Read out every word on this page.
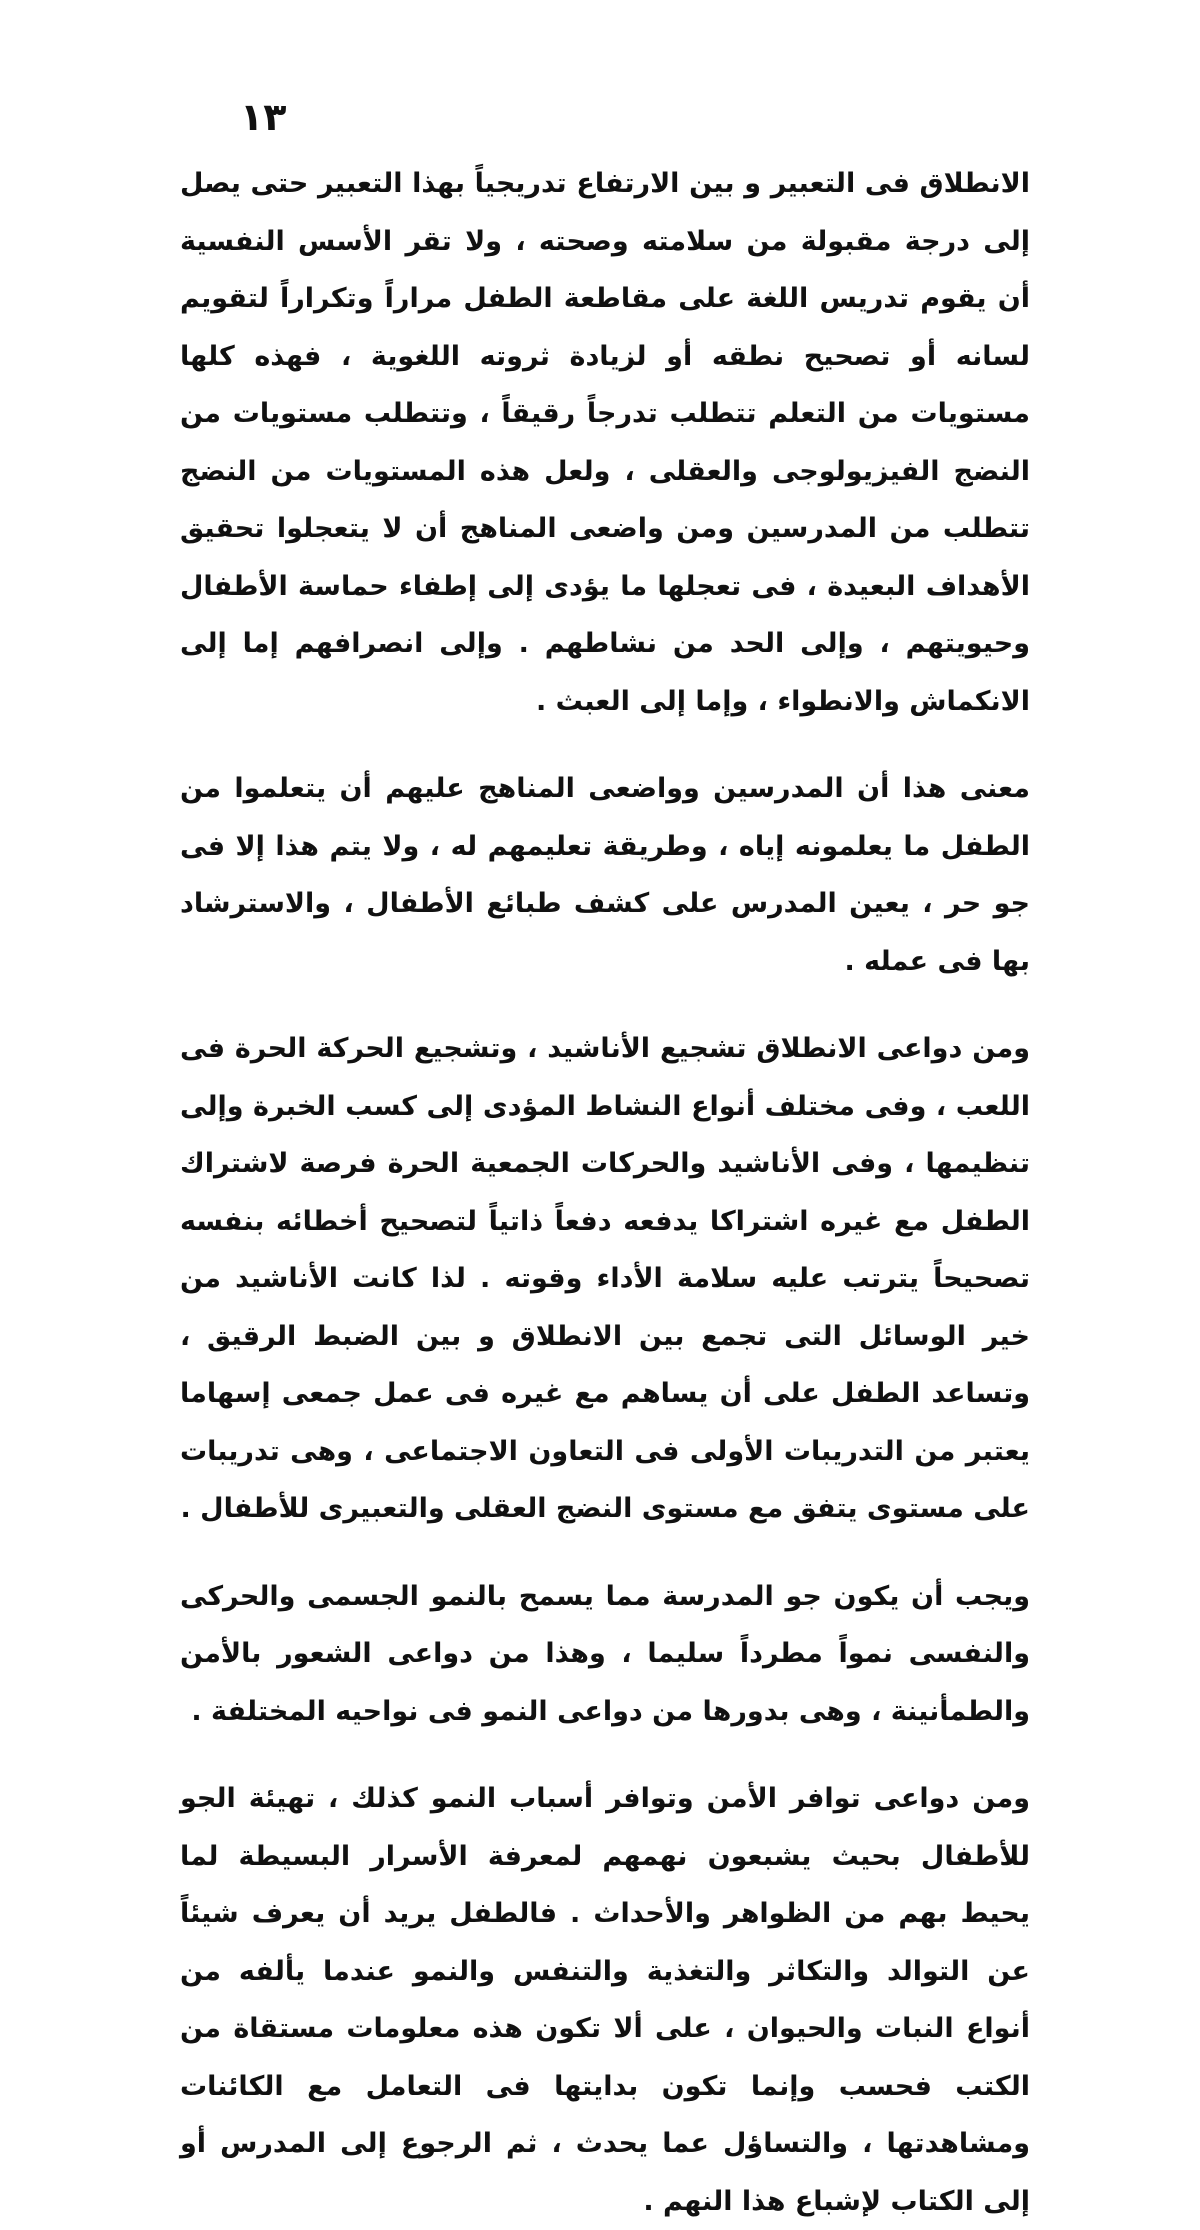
١٣

الانطلاق فى التعبير و بين الارتفاع تدريجياً بهذا التعبير حتى يصل إلى درجة مقبولة من سلامته وصحته ، ولا تقر الأسس النفسية أن يقوم تدريس اللغة على مقاطعة الطفل مراراً وتكراراً لتقويم لسانه أو تصحيح نطقه أو لزيادة ثروته اللغوية ، فهذه كلها مستويات من التعلم تتطلب تدرجاً رقيقاً ، وتتطلب مستويات من النضج الفيزيولوجى والعقلى ، ولعل هذه المستويات من النضج تتطلب من المدرسين ومن واضعى المناهج أن لا يتعجلوا تحقيق الأهداف البعيدة ، فى تعجلها ما يؤدى إلى إطفاء حماسة الأطفال وحيويتهم ، وإلى الحد من نشاطهم . وإلى انصرافهم إما إلى الانكماش والانطواء ، وإما إلى العبث .

معنى هذا أن المدرسين وواضعى المناهج عليهم أن يتعلموا من الطفل ما يعلمونه إياه ، وطريقة تعليمهم له ، ولا يتم هذا إلا فى جو حر ، يعين المدرس على كشف طبائع الأطفال ، والاسترشاد بها فى عمله .

ومن دواعى الانطلاق تشجيع الأناشيد ، وتشجيع الحركة الحرة فى اللعب ، وفى مختلف أنواع النشاط المؤدى إلى كسب الخبرة وإلى تنظيمها ، وفى الأناشيد والحركات الجمعية الحرة فرصة لاشتراك الطفل مع غيره اشتراكا يدفعه دفعاً ذاتياً لتصحيح أخطائه بنفسه تصحيحاً يترتب عليه سلامة الأداء وقوته . لذا كانت الأناشيد من خير الوسائل التى تجمع بين الانطلاق و بين الضبط الرقيق ، وتساعد الطفل على أن يساهم مع غيره فى عمل جمعى إسهاما يعتبر من التدريبات الأولى فى التعاون الاجتماعى ، وهى تدريبات على مستوى يتفق مع مستوى النضج العقلى والتعبيرى للأطفال .

ويجب أن يكون جو المدرسة مما يسمح بالنمو الجسمى والحركى والنفسى نمواً مطرداً سليما ، وهذا من دواعى الشعور بالأمن والطمأنينة ، وهى بدورها من دواعى النمو فى نواحيه المختلفة .

ومن دواعى توافر الأمن وتوافر أسباب النمو كذلك ، تهيئة الجو للأطفال بحيث يشبعون نهمهم لمعرفة الأسرار البسيطة لما يحيط بهم من الظواهر والأحداث . فالطفل يريد أن يعرف شيئاً عن التوالد والتكاثر والتغذية والتنفس والنمو عندما يألفه من أنواع النبات والحيوان ، على ألا تكون هذه معلومات مستقاة من الكتب فحسب وإنما تكون بدايتها فى التعامل مع الكائنات ومشاهدتها ، والتساؤل عما يحدث ، ثم الرجوع إلى المدرس أو إلى الكتاب لإشباع هذا النهم .
